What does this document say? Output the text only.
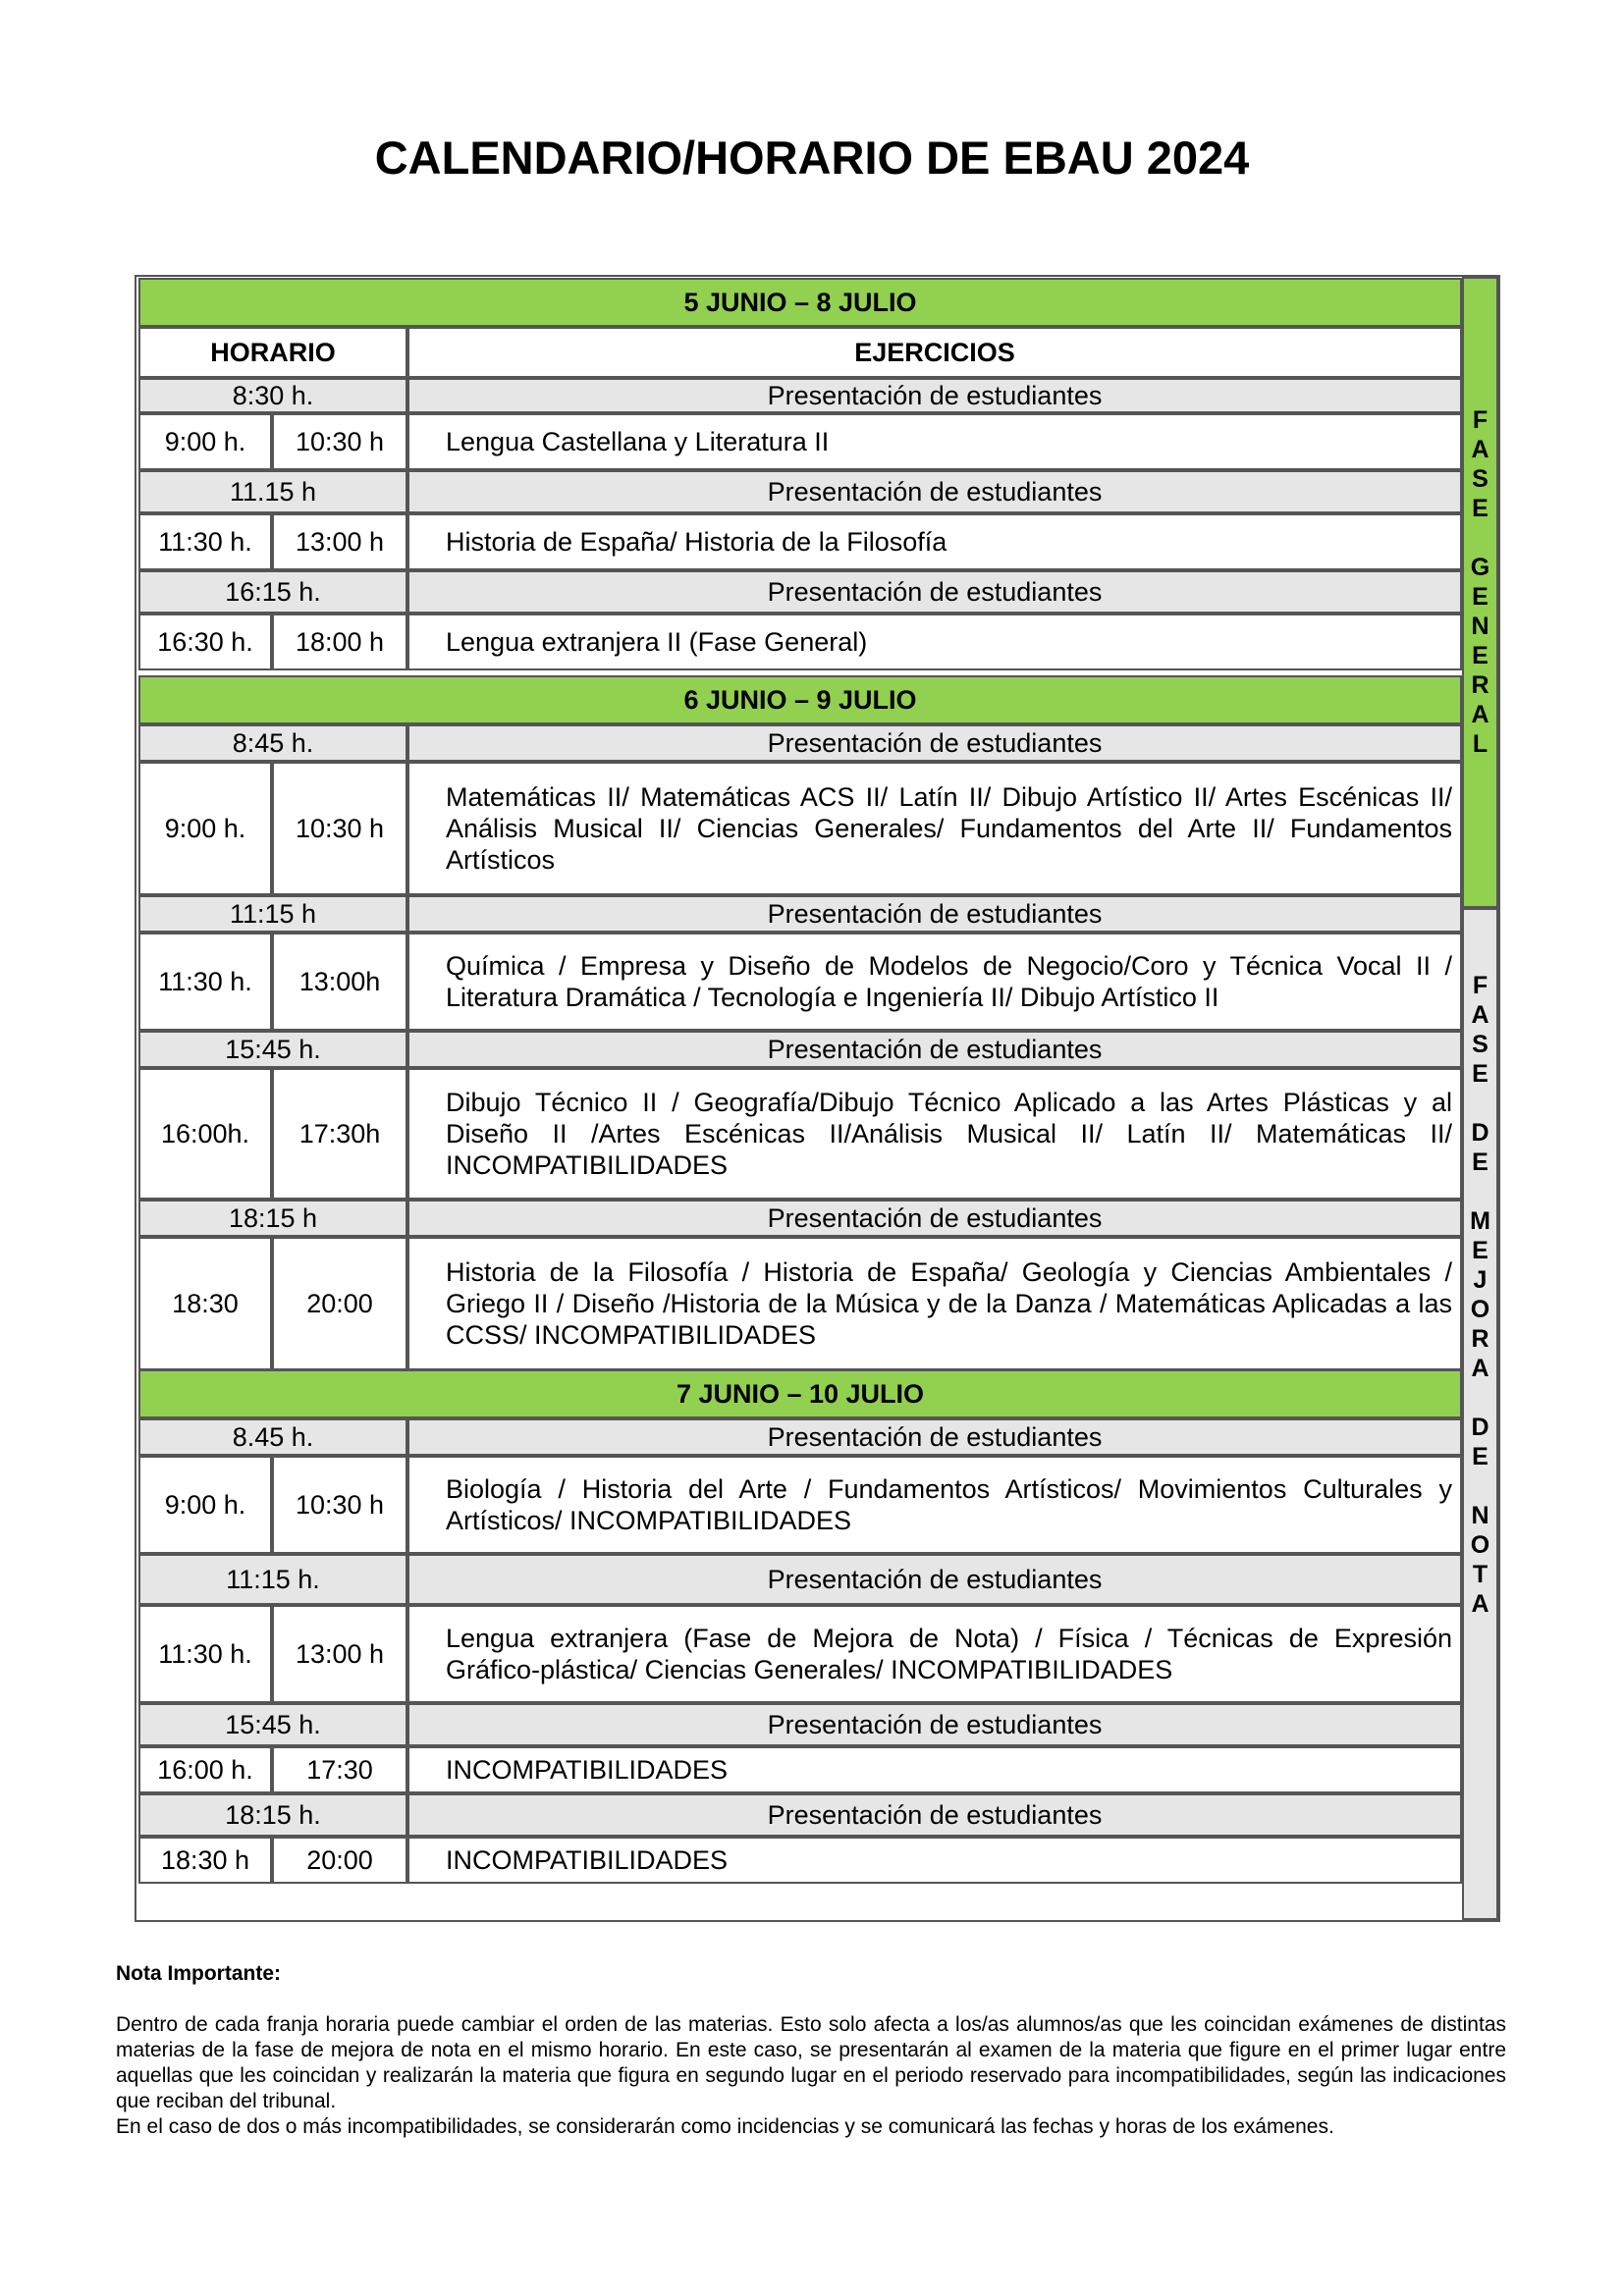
CALENDARIO/HORARIO DE EBAU 2024
5 JUNIO – 8 JULIO
HORARIO	EJERCICIOS
8:30 h.	Presentación de estudiantes
9:00 h.	10:30 h	Lengua Castellana y Literatura II
11.15 h	Presentación de estudiantes
11:30 h.	13:00 h	Historia de España/ Historia de la Filosofía
16:15 h.	Presentación de estudiantes
16:30 h.	18:00 h	Lengua extranjera II (Fase General)
6 JUNIO – 9 JULIO
8:45 h.	Presentación de estudiantes
9:00 h.	10:30 h
Matemáticas II/ Matemáticas ACS II/ Latín II/ Dibujo Artístico II/ Artes Escénicas II/ Análisis Musical II/ Ciencias Generales/ Fundamentos del Arte II/ Fundamentos Artísticos
11:15 h	Presentación de estudiantes
11:30 h.	13:00h
Química / Empresa y Diseño de Modelos de Negocio/Coro y Técnica Vocal II / Literatura Dramática / Tecnología e Ingeniería II/ Dibujo Artístico II
15:45 h.	Presentación de estudiantes
16:00h.	17:30h
Dibujo Técnico II / Geografía/Dibujo Técnico Aplicado a las Artes Plásticas y al Diseño II /Artes Escénicas II/Análisis Musical II/ Latín II/ Matemáticas II/ INCOMPATIBILIDADES
18:15 h	Presentación de estudiantes
18:30	20:00
Historia de la Filosofía / Historia de España/ Geología y Ciencias Ambientales / Griego II / Diseño /Historia de la Música y de la Danza / Matemáticas Aplicadas a las CCSS/ INCOMPATIBILIDADES
7 JUNIO – 10 JULIO
8.45 h.	Presentación de estudiantes
9:00 h.	10:30 h
Biología / Historia del Arte / Fundamentos Artísticos/ Movimientos Culturales y Artísticos/ INCOMPATIBILIDADES
11:15 h.	Presentación de estudiantes
11:30 h.	13:00 h
Lengua extranjera (Fase de Mejora de Nota) / Física / Técnicas de Expresión Gráfico-plástica/ Ciencias Generales/ INCOMPATIBILIDADES
15:45 h.	Presentación de estudiantes
16:00 h.	17:30	INCOMPATIBILIDADES
18:15 h.	Presentación de estudiantes
18:30 h	20:00	INCOMPATIBILIDADES
F
A
S
E

G
E
N
E
R
A
L
F
A
S
E

D
E

M
E
J
O
R
A

D
E

N
O
T
A

Nota Importante:

Dentro de cada franja horaria puede cambiar el orden de las materias. Esto solo afecta a los/as alumnos/as que les coincidan exámenes de distintas materias de la fase de mejora de nota en el mismo horario. En este caso, se presentarán al examen de la materia que figure en el primer lugar entre aquellas que les coincidan y realizarán la materia que figura en segundo lugar en el periodo reservado para incompatibilidades, según las indicaciones que reciban del tribunal.
En el caso de dos o más incompatibilidades, se considerarán como incidencias y se comunicará las fechas y horas de los exámenes.
